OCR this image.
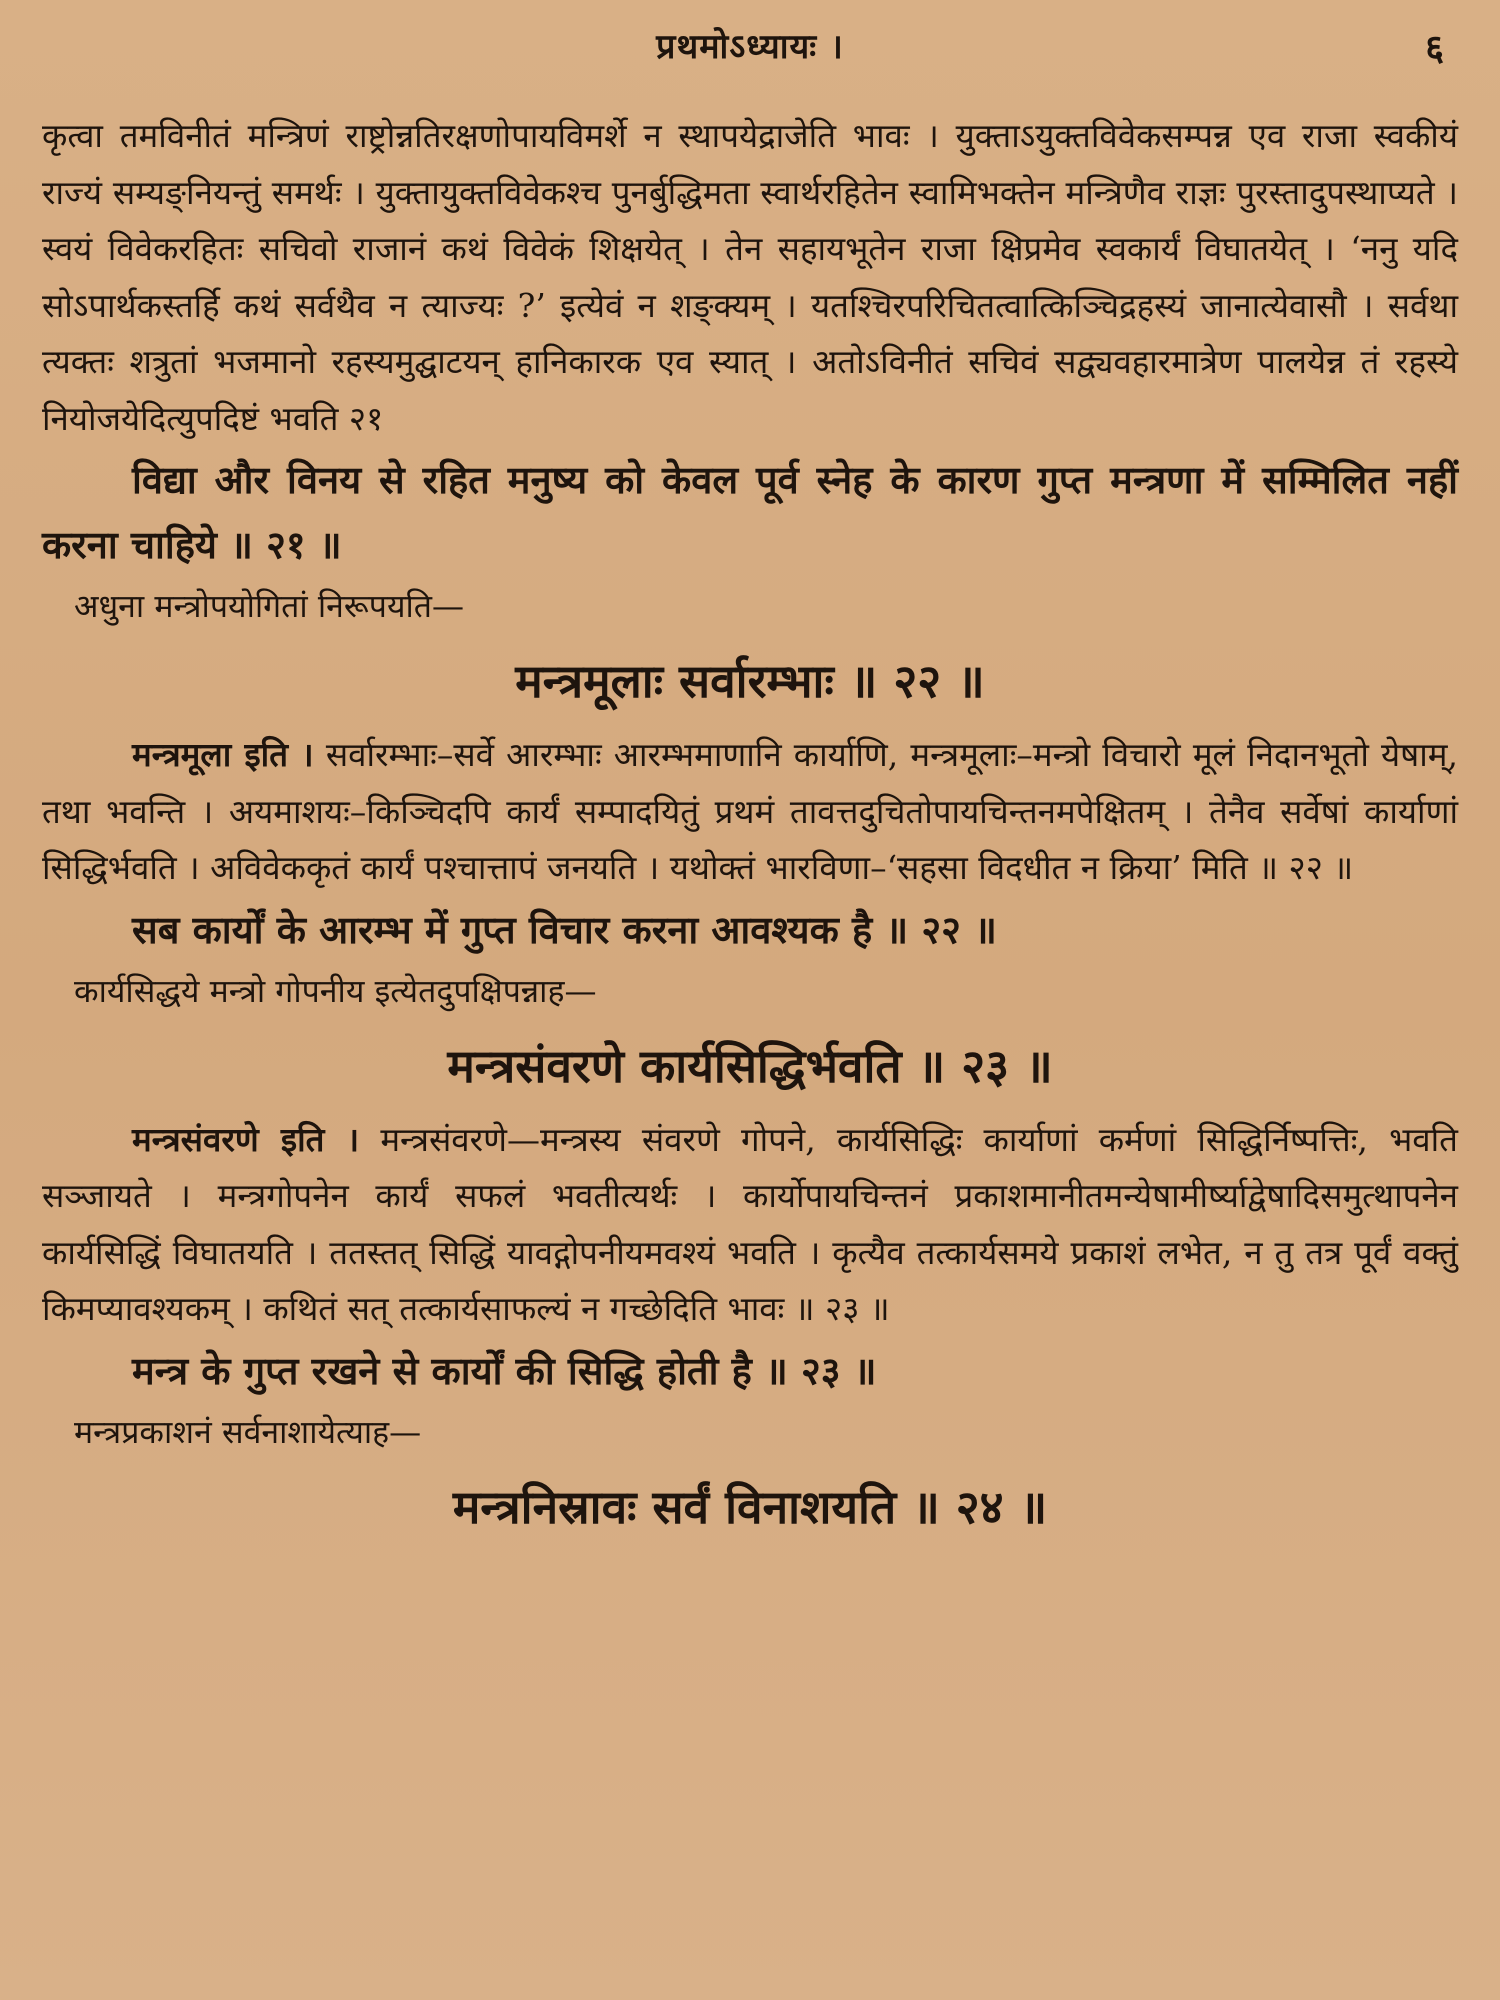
प्रथमोऽध्यायः ।	६

कृत्वा तमविनीतं मन्त्रिणं राष्ट्रोन्नतिरक्षणोपायविमर्शे न स्थापयेद्राजेति भावः । युक्ताऽयुक्तविवेकसम्पन्न एव राजा स्वकीयं राज्यं सम्यङ्नियन्तुं समर्थः । युक्तायुक्तविवेकश्च पुनर्बुद्धिमता स्वार्थरहितेन स्वामिभक्तेन मन्त्रिणैव राज्ञः पुरस्तादुपस्थाप्यते । स्वयं विवेकरहितः सचिवो राजानं कथं विवेकं शिक्षयेत् । तेन सहायभूतेन राजा क्षिप्रमेव स्वकार्यं विघातयेत् । ‘ननु यदि सोऽपार्थकस्तर्हि कथं सर्वथैव न त्याज्यः ?’ इत्येवं न शङ्क्यम् । यतश्चिरपरिचितत्वात्किञ्चिद्रहस्यं जानात्येवासौ । सर्वथा त्यक्तः शत्रुतां भजमानो रहस्यमुद्घाटयन् हानिकारक एव स्यात् । अतोऽविनीतं सचिवं सद्व्यवहारमात्रेण पालयेन्न तं रहस्ये नियोजयेदित्युपदिष्टं भवति २१

विद्या और विनय से रहित मनुष्य को केवल पूर्व स्नेह के कारण गुप्त मन्त्रणा में सम्मिलित नहीं करना चाहिये ॥ २१ ॥

अधुना मन्त्रोपयोगितां निरूपयति—

मन्त्रमूलाः सर्वारम्भाः ॥ २२ ॥

मन्त्रमूला इति । सर्वारम्भाः–सर्वे आरम्भाः आरम्भमाणानि कार्याणि, मन्त्रमूलाः–मन्त्रो विचारो मूलं निदानभूतो येषाम्, तथा भवन्ति । अयमाशयः–किञ्चिदपि कार्यं सम्पादयितुं प्रथमं तावत्तदुचितोपायचिन्तनमपेक्षितम् । तेनैव सर्वेषां कार्याणां सिद्धिर्भवति । अविवेककृतं कार्यं पश्चात्तापं जनयति । यथोक्तं भारविणा–‘सहसा विदधीत न क्रिया’ मिति ॥ २२ ॥

सब कार्यों के आरम्भ में गुप्त विचार करना आवश्यक है ॥ २२ ॥

कार्यसिद्धये मन्त्रो गोपनीय इत्येतदुपक्षिपन्नाह—

मन्त्रसंवरणे कार्यसिद्धिर्भवति ॥ २३ ॥

मन्त्रसंवरणे इति । मन्त्रसंवरणे—मन्त्रस्य संवरणे गोपने, कार्यसिद्धिः कार्याणां कर्मणां सिद्धिर्निष्पत्तिः, भवति सञ्जायते । मन्त्रगोपनेन कार्यं सफलं भवतीत्यर्थः । कार्योपायचिन्तनं प्रकाशमानीतमन्येषामीर्ष्याद्वेषादिसमुत्थापनेन कार्यसिद्धिं विघातयति । ततस्तत् सिद्धिं यावद्गोपनीयमवश्यं भवति । कृत्यैव तत्कार्यसमये प्रकाशं लभेत, न तु तत्र पूर्वं वक्तुं किमप्यावश्यकम् । कथितं सत् तत्कार्यसाफल्यं न गच्छेदिति भावः ॥ २३ ॥

मन्त्र के गुप्त रखने से कार्यों की सिद्धि होती है ॥ २३ ॥

मन्त्रप्रकाशनं सर्वनाशायेत्याह—

मन्त्रनिस्रावः सर्वं विनाशयति ॥ २४ ॥
